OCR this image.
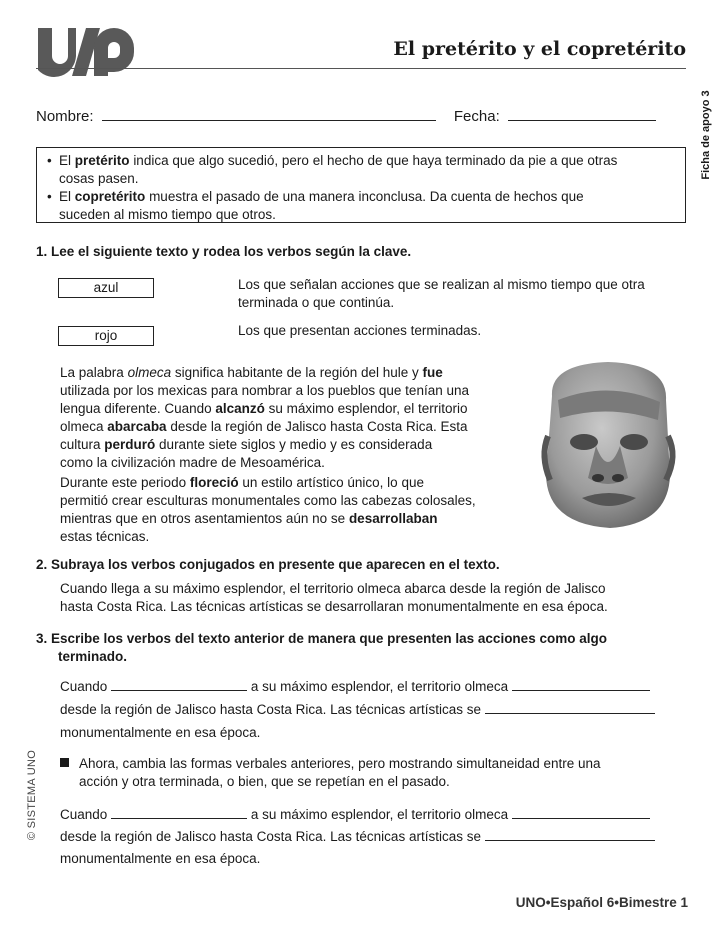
El pretérito y el copretérito
Ficha de apoyo 3
© SISTEMA UNO
Nombre:	Fecha:
• El pretérito indica que algo sucedió, pero el hecho de que haya terminado da pie a que otras
cosas pasen.
• El copretérito muestra el pasado de una manera inconclusa. Da cuenta de hechos que
suceden al mismo tiempo que otros.
1. Lee el siguiente texto y rodea los verbos según la clave.
azul	Los que señalan acciones que se realizan al mismo tiempo que otra
terminada o que continúa.
rojo	Los que presentan acciones terminadas.
La palabra olmeca significa habitante de la región del hule y fue
utilizada por los mexicas para nombrar a los pueblos que tenían una
lengua diferente. Cuando alcanzó su máximo esplendor, el territorio
olmeca abarcaba desde la región de Jalisco hasta Costa Rica. Esta
cultura perduró durante siete siglos y medio y es considerada
como la civilización madre de Mesoamérica.
Durante este periodo floreció un estilo artístico único, lo que
permitió crear esculturas monumentales como las cabezas colosales,
mientras que en otros asentamientos aún no se desarrollaban
estas técnicas.
2. Subraya los verbos conjugados en presente que aparecen en el texto.
Cuando llega a su máximo esplendor, el territorio olmeca abarca desde la región de Jalisco
hasta Costa Rica. Las técnicas artísticas se desarrollaran monumentalmente en esa época.
3. Escribe los verbos del texto anterior de manera que presenten las acciones como algo
terminado.
Cuando	a su máximo esplendor, el territorio olmeca
desde la región de Jalisco hasta Costa Rica. Las técnicas artísticas se
monumentalmente en esa época.
Ahora, cambia las formas verbales anteriores, pero mostrando simultaneidad entre una
acción y otra terminada, o bien, que se repetían en el pasado.
Cuando	a su máximo esplendor, el territorio olmeca
desde la región de Jalisco hasta Costa Rica. Las técnicas artísticas se
monumentalmente en esa época.
UNO•Español 6•Bimestre 1
